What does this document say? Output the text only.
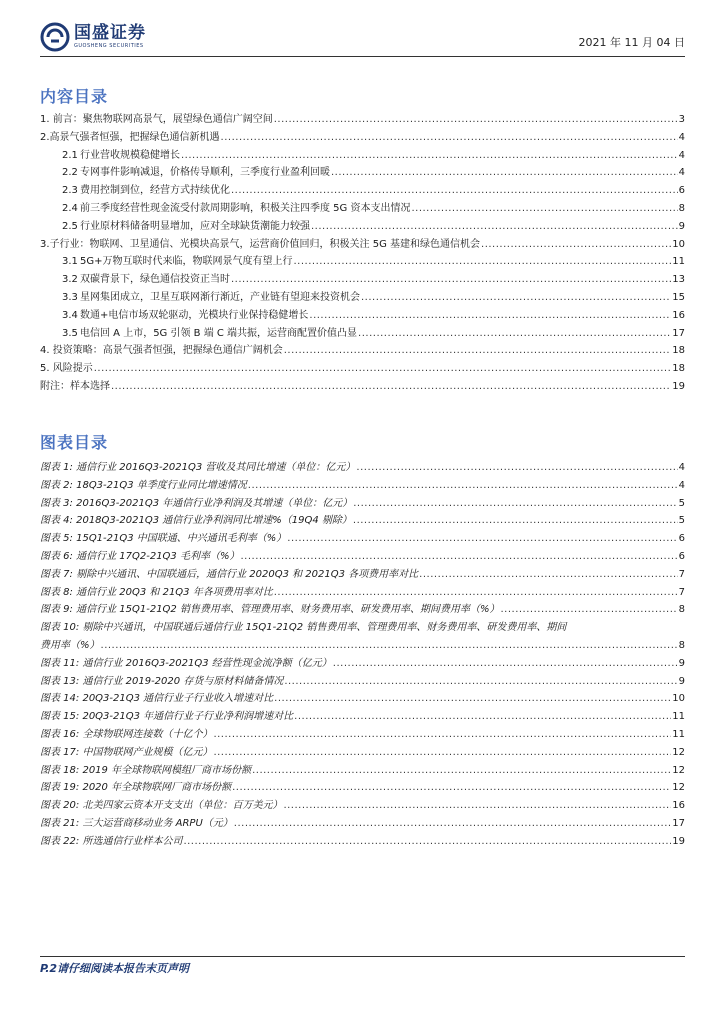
国盛证券
GUOSHENG SECURITIES	2021 年 11 月 04 日
内容目录
1. 前言：聚焦物联网高景气，展望绿色通信广阔空间 .....	3
2.高景气强者恒强，把握绿色通信新机遇 .....	4
2.1 行业营收规模稳健增长 .....	4
2.2 专网事件影响减退，价格传导顺利，三季度行业盈利回暖 .....	4
2.3 费用控制到位，经营方式持续优化 .....	6
2.4 前三季度经营性现金流受付款周期影响，积极关注四季度 5G 资本支出情况 .....	8
2.5 行业原材料储备明显增加，应对全球缺货潮能力较强 .....	9
3.子行业：物联网、卫星通信、光模块高景气，运营商价值回归，积极关注 5G 基建和绿色通信机会 .....	10
3.1 5G+万物互联时代来临，物联网景气度有望上行 .....	11
3.2 双碳背景下，绿色通信投资正当时 .....	13
3.3 星网集团成立，卫星互联网渐行渐近，产业链有望迎来投资机会 .....	15
3.4 数通+电信市场双轮驱动，光模块行业保持稳健增长 .....	16
3.5 电信回 A 上市，5G 引领 B 端 C 端共振，运营商配置价值凸显 .....	17
4. 投资策略：高景气强者恒强，把握绿色通信广阔机会 .....	18
5. 风险提示 .....	18
附注：样本选择 .....	19
图表目录
图表 1: 通信行业 2016Q3-2021Q3 营收及其同比增速（单位：亿元） .....	4
图表 2: 18Q3-21Q3 单季度行业同比增速情况 .....	4
图表 3: 2016Q3-2021Q3 年通信行业净利润及其增速（单位：亿元） .....	5
图表 4: 2018Q3-2021Q3 通信行业净利润同比增速%（19Q4 剔除） .....	5
图表 5: 15Q1-21Q3 中国联通、中兴通讯毛利率（%） .....	6
图表 6: 通信行业 17Q2-21Q3 毛利率（%） .....	6
图表 7: 剔除中兴通讯、中国联通后，通信行业 2020Q3 和 2021Q3 各项费用率对比 .....	7
图表 8: 通信行业 20Q3 和 21Q3 年各项费用率对比 .....	7
图表 9: 通信行业 15Q1-21Q2 销售费用率、管理费用率、财务费用率、研发费用率、期间费用率（%） .....	8
图表 10: 剔除中兴通讯，中国联通后通信行业 15Q1-21Q2 销售费用率、管理费用率、财务费用率、研发费用率、期间
费用率（%） .....	8
图表 11: 通信行业 2016Q3-2021Q3 经营性现金流净额（亿元） .....	9
图表 13: 通信行业 2019-2020 存货与原材料储备情况 .....	9
图表 14: 20Q3-21Q3 通信行业子行业收入增速对比 .....	10
图表 15: 20Q3-21Q3 年通信行业子行业净利润增速对比 .....	11
图表 16: 全球物联网连接数（十亿个） .....	11
图表 17: 中国物联网产业规模（亿元） .....	12
图表 18: 2019 年全球物联网模组厂商市场份额 .....	12
图表 19: 2020 年全球物联网厂商市场份额 .....	12
图表 20: 北美四家云资本开支支出（单位：百万美元） .....	16
图表 21: 三大运营商移动业务 ARPU（元） .....	17
图表 22: 所选通信行业样本公司 .....	19
P.2请仔细阅读本报告末页声明
